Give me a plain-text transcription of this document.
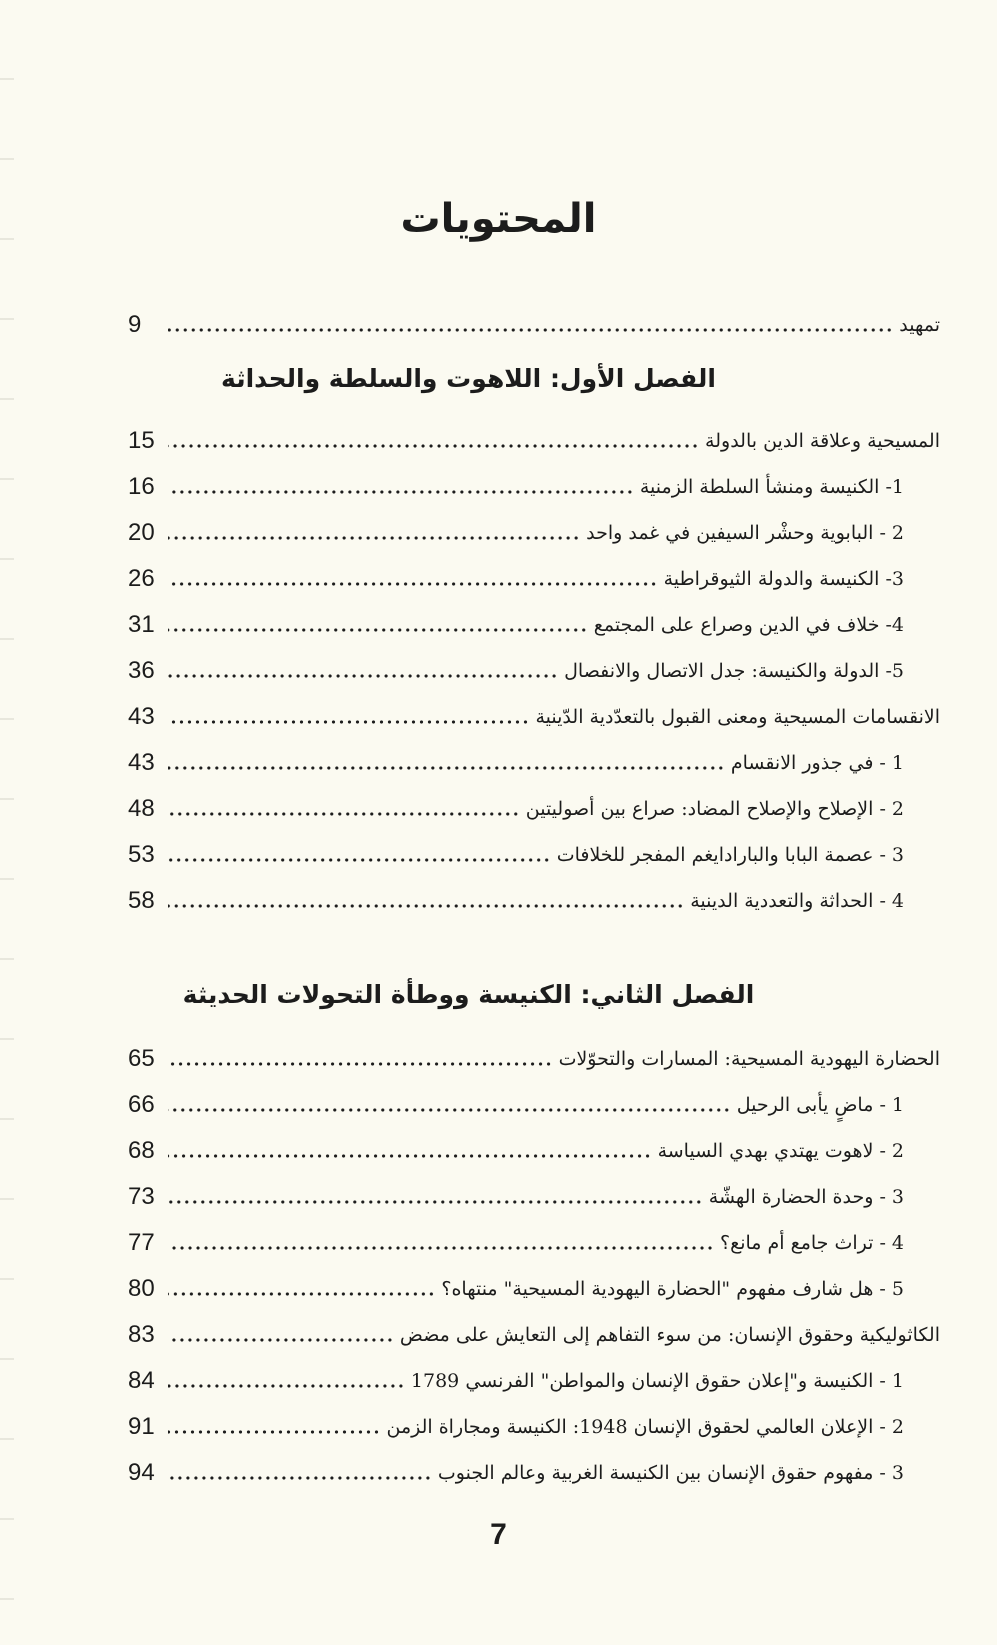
المحتويات
تمهيد
9
الفصل الأول: اللاهوت والسلطة والحداثة
المسيحية وعلاقة الدين بالدولة
15
1- الكنيسة ومنشأ السلطة الزمنية
16
2 - البابوية وحشْر السيفين في غمد واحد
20
3- الكنيسة والدولة الثيوقراطية
26
4- خلاف في الدين وصراع على المجتمع
31
5- الدولة والكنيسة: جدل الاتصال والانفصال
36
الانقسامات المسيحية ومعنى القبول بالتعدّدية الدّينية
43
1 - في جذور الانقسام
43
2 - الإصلاح والإصلاح المضاد: صراع بين أصوليتين
48
3 - عصمة البابا والبارادايغم المفجر للخلافات
53
4 - الحداثة والتعددية الدينية
58
الفصل الثاني: الكنيسة ووطأة التحولات الحديثة
الحضارة اليهودية المسيحية: المسارات والتحوّلات
65
1 - ماضٍ يأبى الرحيل
66
2 - لاهوت يهتدي بهدي السياسة
68
3 - وحدة الحضارة الهشّة
73
4 - تراث جامع أم مانع؟
77
5 - هل شارف مفهوم "الحضارة اليهودية المسيحية" منتهاه؟
80
الكاثوليكية وحقوق الإنسان: من سوء التفاهم إلى التعايش على مضض
83
1 - الكنيسة و"إعلان حقوق الإنسان والمواطن" الفرنسي 1789
84
2 - الإعلان العالمي لحقوق الإنسان 1948: الكنيسة ومجاراة الزمن
91
3 - مفهوم حقوق الإنسان بين الكنيسة الغربية وعالم الجنوب
94
7
